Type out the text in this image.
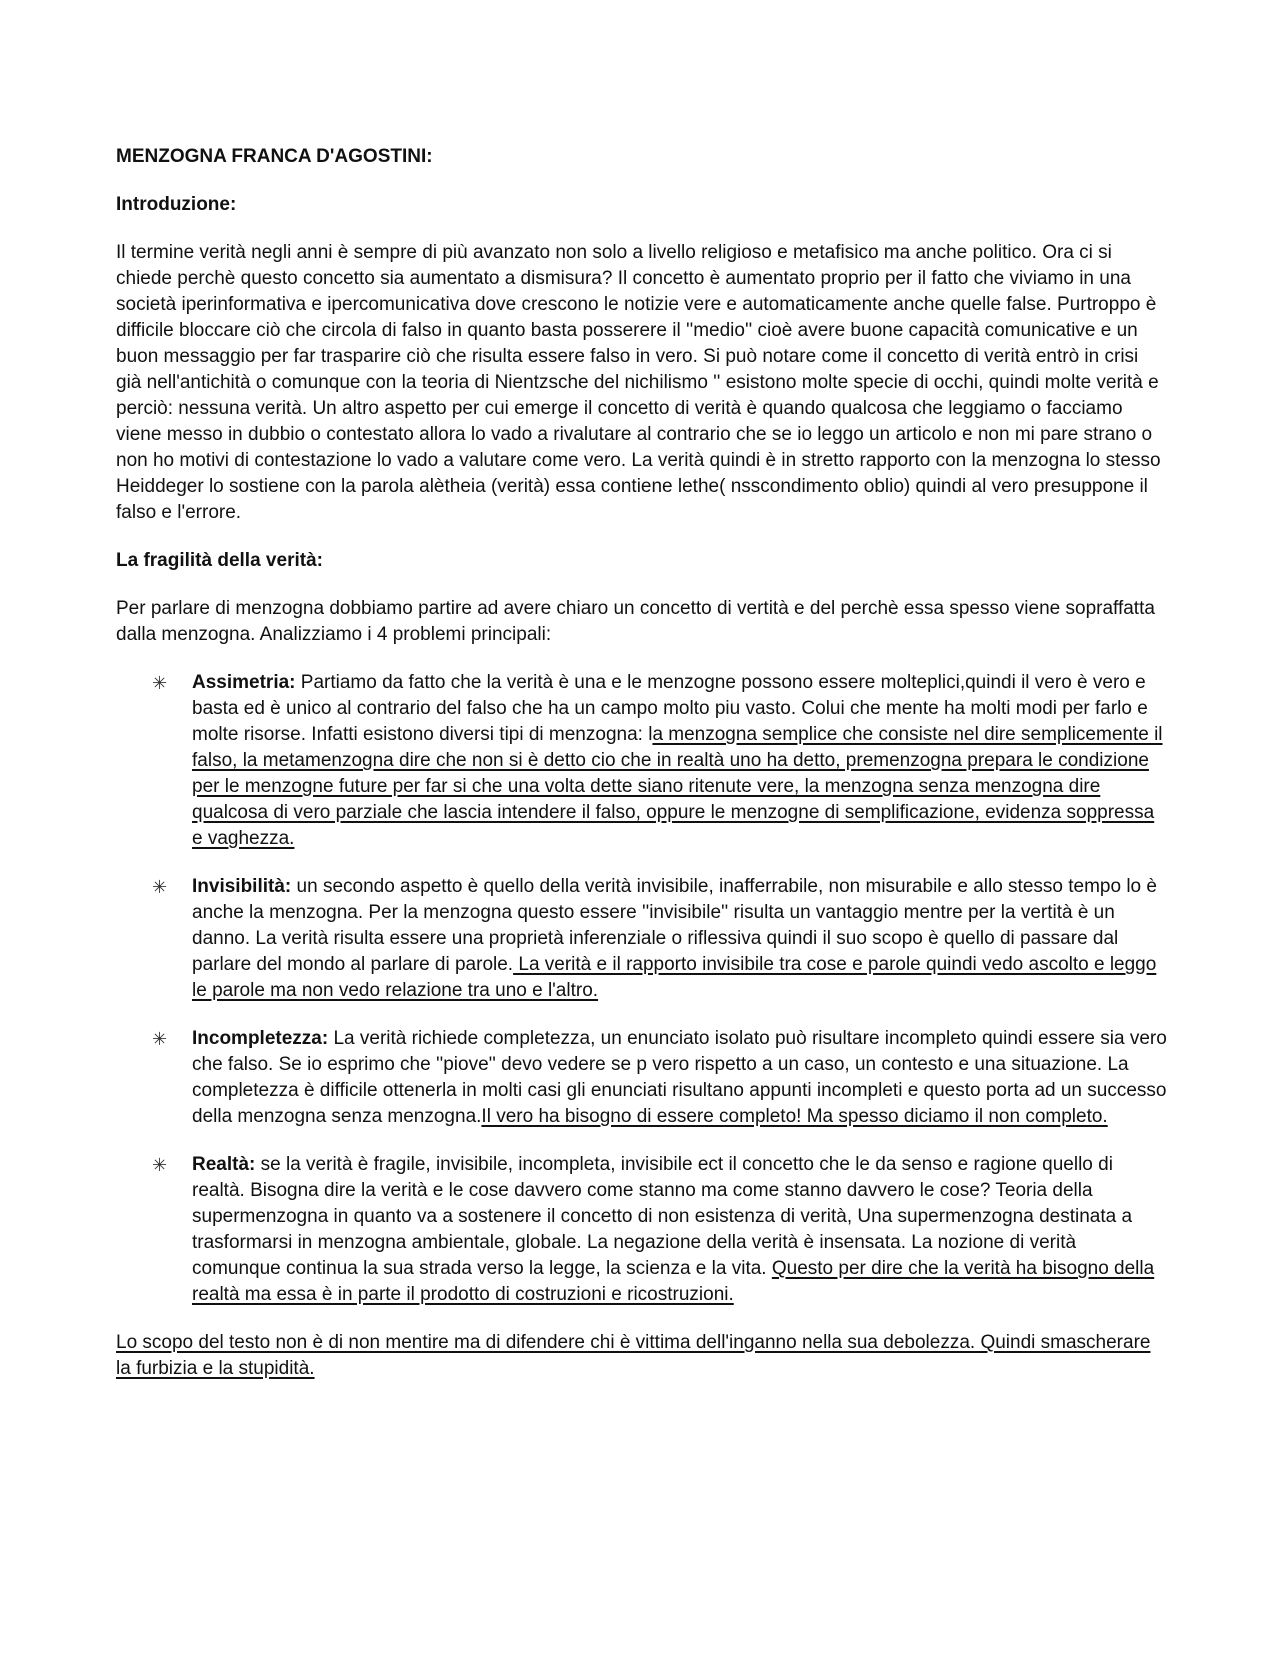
MENZOGNA FRANCA D'AGOSTINI:

Introduzione:

Il termine verità negli anni è sempre di più avanzato non solo a livello religioso e metafisico ma anche politico. Ora ci si chiede perchè questo concetto sia aumentato a dismisura? Il concetto è aumentato proprio per il fatto che viviamo in una società iperinformativa e ipercomunicativa dove crescono le notizie vere e automaticamente anche quelle false. Purtroppo è difficile bloccare ciò che circola di falso in quanto basta posserere il ''medio'' cioè avere buone capacità comunicative e un buon messaggio per far trasparire ciò che risulta essere falso in vero. Si può notare come il concetto di verità entrò in crisi già nell'antichità o comunque con la teoria di Nientzsche del nichilismo '' esistono molte specie di occhi, quindi molte verità e perciò: nessuna verità. Un altro aspetto per cui emerge il concetto di verità è quando qualcosa che leggiamo o facciamo viene messo in dubbio o contestato allora lo vado a rivalutare al contrario che se io leggo un articolo e non mi pare strano o non ho motivi di contestazione lo vado a valutare come vero. La verità quindi è in stretto rapporto con la menzogna lo stesso Heiddeger lo sostiene con la parola alètheia (verità) essa contiene lethe( nsscondimento oblio) quindi al vero presuppone il falso e l'errore.

La fragilità della verità:

Per parlare di menzogna dobbiamo partire ad avere chiaro un concetto di vertità e del perchè essa spesso viene sopraffatta dalla menzogna. Analizziamo i 4 problemi principali:

✳ Assimetria: Partiamo da fatto che la verità è una e le menzogne possono essere molteplici,quindi il vero è vero e basta ed è unico al contrario del falso che ha un campo molto piu vasto. Colui che mente ha molti modi per farlo e molte risorse. Infatti esistono diversi tipi di menzogna: la menzogna semplice che consiste nel dire semplicemente il falso, la metamenzogna dire che non si è detto cio che in realtà uno ha detto, premenzogna prepara le condizione per le menzogne future per far si che una volta dette siano ritenute vere, la menzogna senza menzogna dire qualcosa di vero parziale che lascia intendere il falso, oppure le menzogne di semplificazione, evidenza soppressa e vaghezza.
✳ Invisibilità: un secondo aspetto è quello della verità invisibile, inafferrabile, non misurabile e allo stesso tempo lo è anche la menzogna. Per la menzogna questo essere ''invisibile'' risulta un vantaggio mentre per la vertità è un danno. La verità risulta essere una proprietà inferenziale o riflessiva quindi il suo scopo è quello di passare dal parlare del mondo al parlare di parole. La verità e il rapporto invisibile tra cose e parole quindi vedo ascolto e leggo le parole ma non vedo relazione tra uno e l'altro.
✳ Incompletezza: La verità richiede completezza, un enunciato isolato può risultare incompleto quindi essere sia vero che falso. Se io esprimo che ''piove'' devo vedere se p vero rispetto a un caso, un contesto e una situazione. La completezza è difficile ottenerla in molti casi gli enunciati risultano appunti incompleti e questo porta ad un successo della menzogna senza menzogna.Il vero ha bisogno di essere completo! Ma spesso diciamo il non completo.
✳ Realtà: se la verità è fragile, invisibile, incompleta, invisibile ect il concetto che le da senso e ragione quello di realtà. Bisogna dire la verità e le cose davvero come stanno ma come stanno davvero le cose? Teoria della supermenzogna in quanto va a sostenere il concetto di non esistenza di verità, Una supermenzogna destinata a trasformarsi in menzogna ambientale, globale. La negazione della verità è insensata. La nozione di verità comunque continua la sua strada verso la legge, la scienza e la vita. Questo per dire che la verità ha bisogno della realtà ma essa è in parte il prodotto di costruzioni e ricostruzioni.

Lo scopo del testo non è di non mentire ma di difendere chi è vittima dell'inganno nella sua debolezza. Quindi smascherare la furbizia e la stupidità.
